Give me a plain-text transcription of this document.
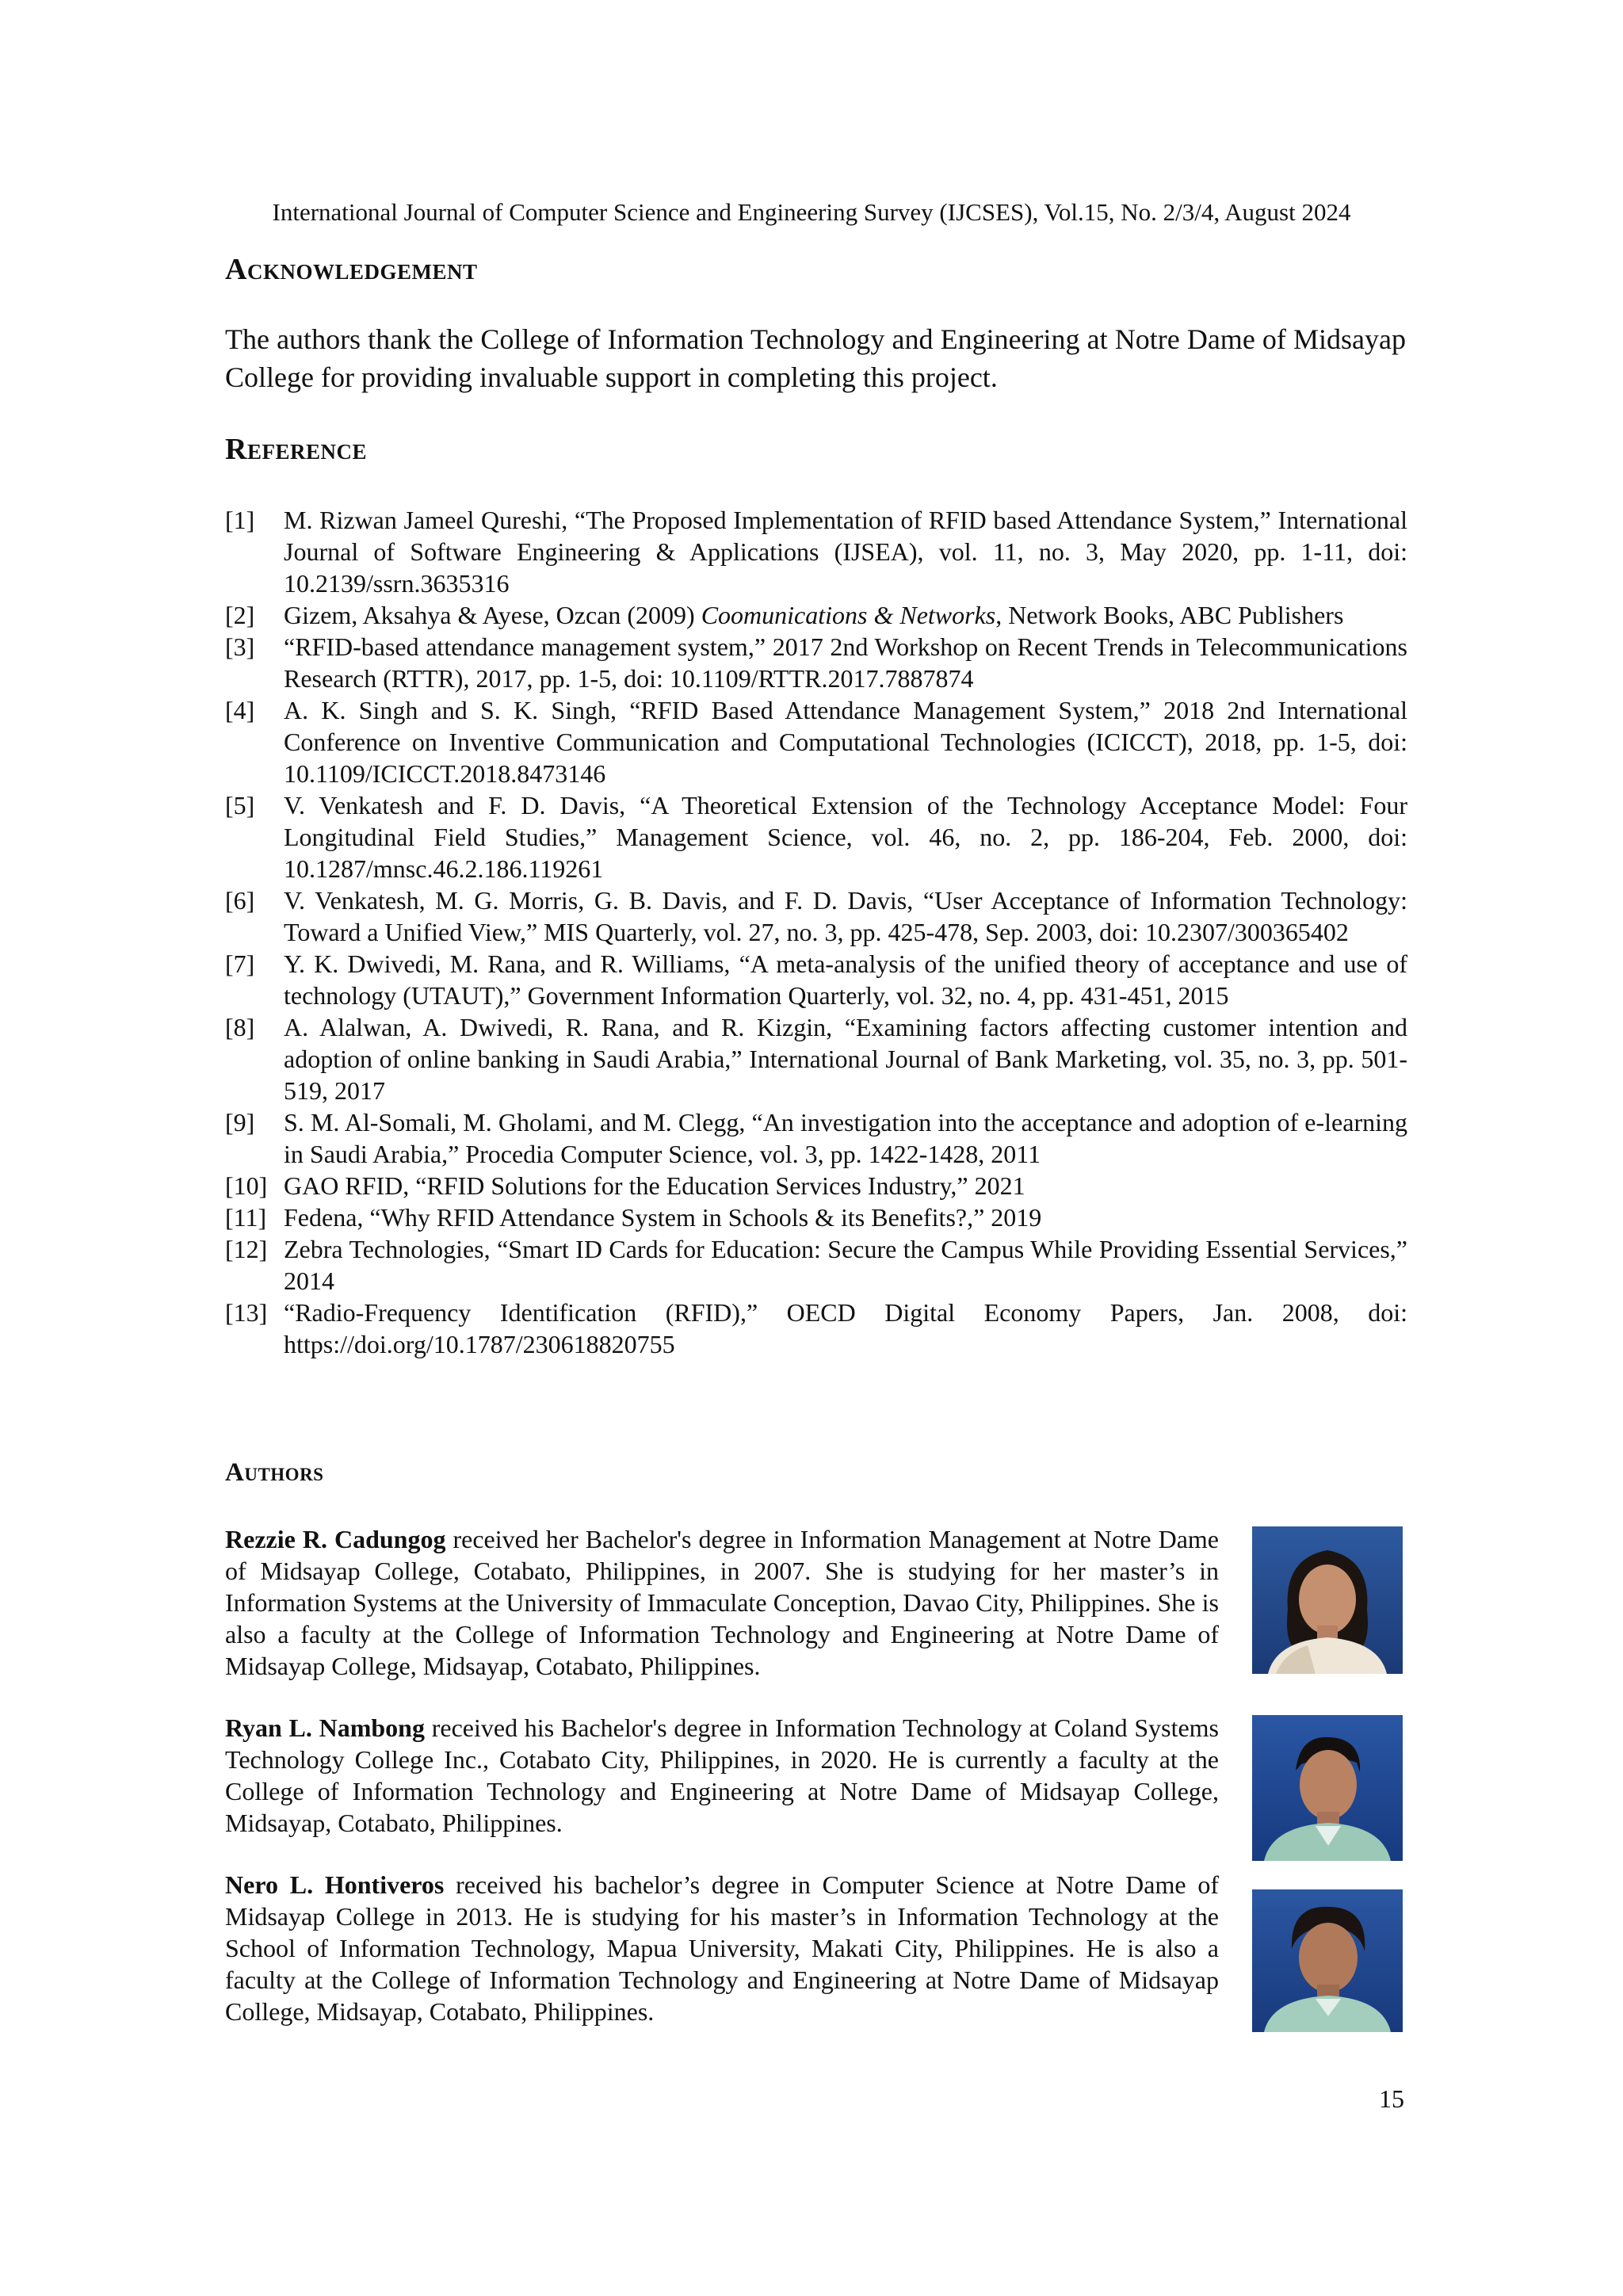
International Journal of Computer Science and Engineering Survey (IJCSES), Vol.15, No. 2/3/4, August 2024
Acknowledgement
The authors thank the College of Information Technology and Engineering at Notre Dame of Midsayap College for providing invaluable support in completing this project.
Reference
[1]	M. Rizwan Jameel Qureshi, “The Proposed Implementation of RFID based Attendance System,” International Journal of Software Engineering & Applications (IJSEA), vol. 11, no. 3, May 2020, pp. 1-11, doi: 10.2139/ssrn.3635316
[2]	Gizem, Aksahya & Ayese, Ozcan (2009) Coomunications & Networks, Network Books, ABC Publishers
[3]	“RFID-based attendance management system,” 2017 2nd Workshop on Recent Trends in Telecommunications Research (RTTR), 2017, pp. 1-5, doi: 10.1109/RTTR.2017.7887874
[4]	A. K. Singh and S. K. Singh, “RFID Based Attendance Management System,” 2018 2nd International Conference on Inventive Communication and Computational Technologies (ICICCT), 2018, pp. 1-5, doi: 10.1109/ICICCT.2018.8473146
[5]	V. Venkatesh and F. D. Davis, “A Theoretical Extension of the Technology Acceptance Model: Four Longitudinal Field Studies,” Management Science, vol. 46, no. 2, pp. 186-204, Feb. 2000, doi: 10.1287/mnsc.46.2.186.119261
[6]	V. Venkatesh, M. G. Morris, G. B. Davis, and F. D. Davis, “User Acceptance of Information Technology: Toward a Unified View,” MIS Quarterly, vol. 27, no. 3, pp. 425-478, Sep. 2003, doi: 10.2307/300365402
[7]	Y. K. Dwivedi, M. Rana, and R. Williams, “A meta-analysis of the unified theory of acceptance and use of technology (UTAUT),” Government Information Quarterly, vol. 32, no. 4, pp. 431-451, 2015
[8]	A. Alalwan, A. Dwivedi, R. Rana, and R. Kizgin, “Examining factors affecting customer intention and adoption of online banking in Saudi Arabia,” International Journal of Bank Marketing, vol. 35, no. 3, pp. 501-519, 2017
[9]	S. M. Al-Somali, M. Gholami, and M. Clegg, “An investigation into the acceptance and adoption of e-learning in Saudi Arabia,” Procedia Computer Science, vol. 3, pp. 1422-1428, 2011
[10] GAO RFID, “RFID Solutions for the Education Services Industry,” 2021
[11] Fedena, “Why RFID Attendance System in Schools & its Benefits?,” 2019
[12] Zebra Technologies, “Smart ID Cards for Education: Secure the Campus While Providing Essential Services,” 2014
[13] “Radio-Frequency Identification (RFID),” OECD Digital Economy Papers, Jan. 2008, doi: https://doi.org/10.1787/230618820755
Authors
Rezzie R. Cadungog received her Bachelor's degree in Information Management at Notre Dame of Midsayap College, Cotabato, Philippines, in 2007. She is studying for her master’s in Information Systems at the University of Immaculate Conception, Davao City, Philippines. She is also a faculty at the College of Information Technology and Engineering at Notre Dame of Midsayap College, Midsayap, Cotabato, Philippines.
Ryan L. Nambong received his Bachelor's degree in Information Technology at Coland Systems Technology College Inc., Cotabato City, Philippines, in 2020. He is currently a faculty at the College of Information Technology and Engineering at Notre Dame of Midsayap College, Midsayap, Cotabato, Philippines.
Nero L. Hontiveros received his bachelor’s degree in Computer Science at Notre Dame of Midsayap College in 2013. He is studying for his master’s in Information Technology at the School of Information Technology, Mapua University, Makati City, Philippines. He is also a faculty at the College of Information Technology and Engineering at Notre Dame of Midsayap College, Midsayap, Cotabato, Philippines.
15
